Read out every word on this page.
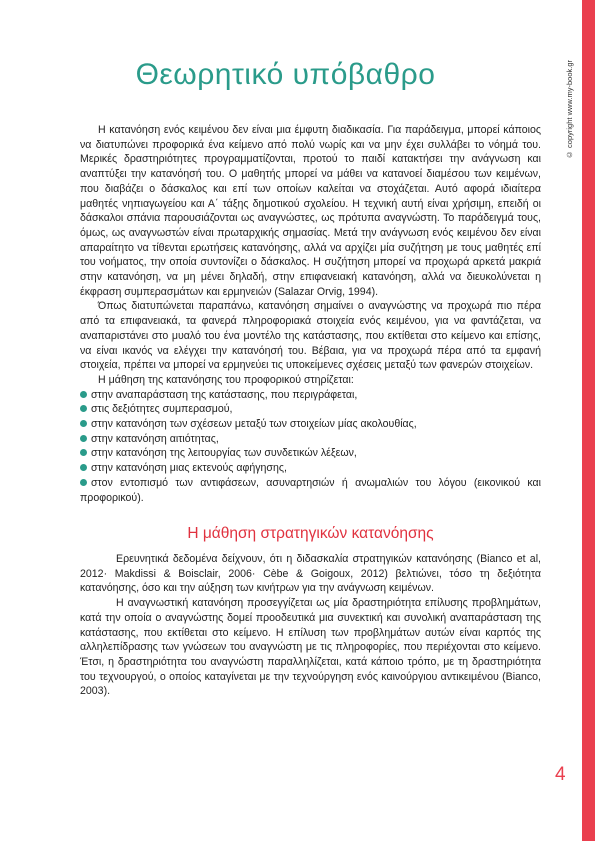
© copyright www.my-book.gr
4
Θεωρητικό υπόβαθρο

Η κατανόηση ενός κειμένου δεν είναι μια έμφυτη διαδικασία. Για παράδειγμα, μπορεί κάποιος να διατυπώνει προφορικά ένα κείμενο από πολύ νωρίς και να μην έχει συλλάβει το νόημά του. Μερικές δραστηριότητες προγραμματίζονται, προτού το παιδί κατακτήσει την ανάγνωση και αναπτύξει την κατανόησή του. Ο μαθητής μπορεί να μάθει να κατανοεί διαμέσου των κειμένων, που διαβάζει ο δάσκαλος και επί των οποίων καλείται να στοχάζεται. Αυτό αφορά ιδιαίτερα μαθητές νηπιαγωγείου και Α΄ τάξης δημοτικού σχολείου. Η τεχνική αυτή είναι χρήσιμη, επειδή οι δάσκαλοι σπάνια παρουσιάζονται ως αναγνώστες, ως πρότυπα αναγνώστη. Το παράδειγμά τους, όμως, ως αναγνωστών είναι πρωταρχικής σημασίας. Μετά την ανάγνωση ενός κειμένου δεν είναι απαραίτητο να τίθενται ερωτήσεις κατανόησης, αλλά να αρχίζει μία συζήτηση με τους μαθητές επί του νοήματος, την οποία συντονίζει ο δάσκαλος. Η συζήτηση μπορεί να προχωρά αρκετά μακριά στην κατανόηση, να μη μένει δηλαδή, στην επιφανειακή κατανόηση, αλλά να διευκολύνεται η έκφραση συμπερασμάτων και ερμηνειών (Salazar Orvig, 1994).

Όπως διατυπώνεται παραπάνω, κατανόηση σημαίνει ο αναγνώστης να προχωρά πιο πέρα από τα επιφανειακά, τα φανερά πληροφοριακά στοιχεία ενός κειμένου, για να φαντάζεται, να αναπαριστάνει στο μυαλό του ένα μοντέλο της κατάστασης, που εκτίθεται στο κείμενο και επίσης, να είναι ικανός να ελέγχει την κατανόησή του. Βέβαια, για να προχωρά πέρα από τα εμφανή στοιχεία, πρέπει να μπορεί να ερμηνεύει τις υποκείμενες σχέσεις μεταξύ των φανερών στοιχείων.

Η μάθηση της κατανόησης του προφορικού στηρίζεται:

στην αναπαράσταση της κατάστασης, που περιγράφεται,
στις δεξιότητες συμπερασμού,
στην κατανόηση των σχέσεων μεταξύ των στοιχείων μίας ακολουθίας,
στην κατανόηση αιτιότητας,
στην κατανόηση της λειτουργίας των συνδετικών λέξεων,
στην κατανόηση μιας εκτενούς αφήγησης,
στον εντοπισμό των αντιφάσεων, ασυναρτησιών ή ανωμαλιών του λόγου (εικονικού και προφορικού).
Η μάθηση στρατηγικών κατανόησης

Ερευνητικά δεδομένα δείχνουν, ότι η διδασκαλία στρατηγικών κατανόησης (Bianco et al, 2012· Makdissi & Boisclair, 2006· Cèbe & Goigoux, 2012) βελτιώνει, τόσο τη δεξιότητα κατανόησης, όσο και την αύξηση των κινήτρων για την ανάγνωση κειμένων.

Η αναγνωστική κατανόηση προσεγγίζεται ως μία δραστηριότητα επίλυσης προβλημάτων, κατά την οποία ο αναγνώστης δομεί προοδευτικά μια συνεκτική και συνολική αναπαράσταση της κατάστασης, που εκτίθεται στο κείμενο. Η επίλυση των προβλημάτων αυτών είναι καρπός της αλληλεπίδρασης των γνώσεων του αναγνώστη με τις πληροφορίες, που περιέχονται στο κείμενο. Έτσι, η δραστηριότητα του αναγνώστη παραλληλίζεται, κατά κάποιο τρόπο, με τη δραστηριότητα του τεχνουργού, ο οποίος καταγίνεται με την τεχνούργηση ενός καινούργιου αντικειμένου (Bianco, 2003).
